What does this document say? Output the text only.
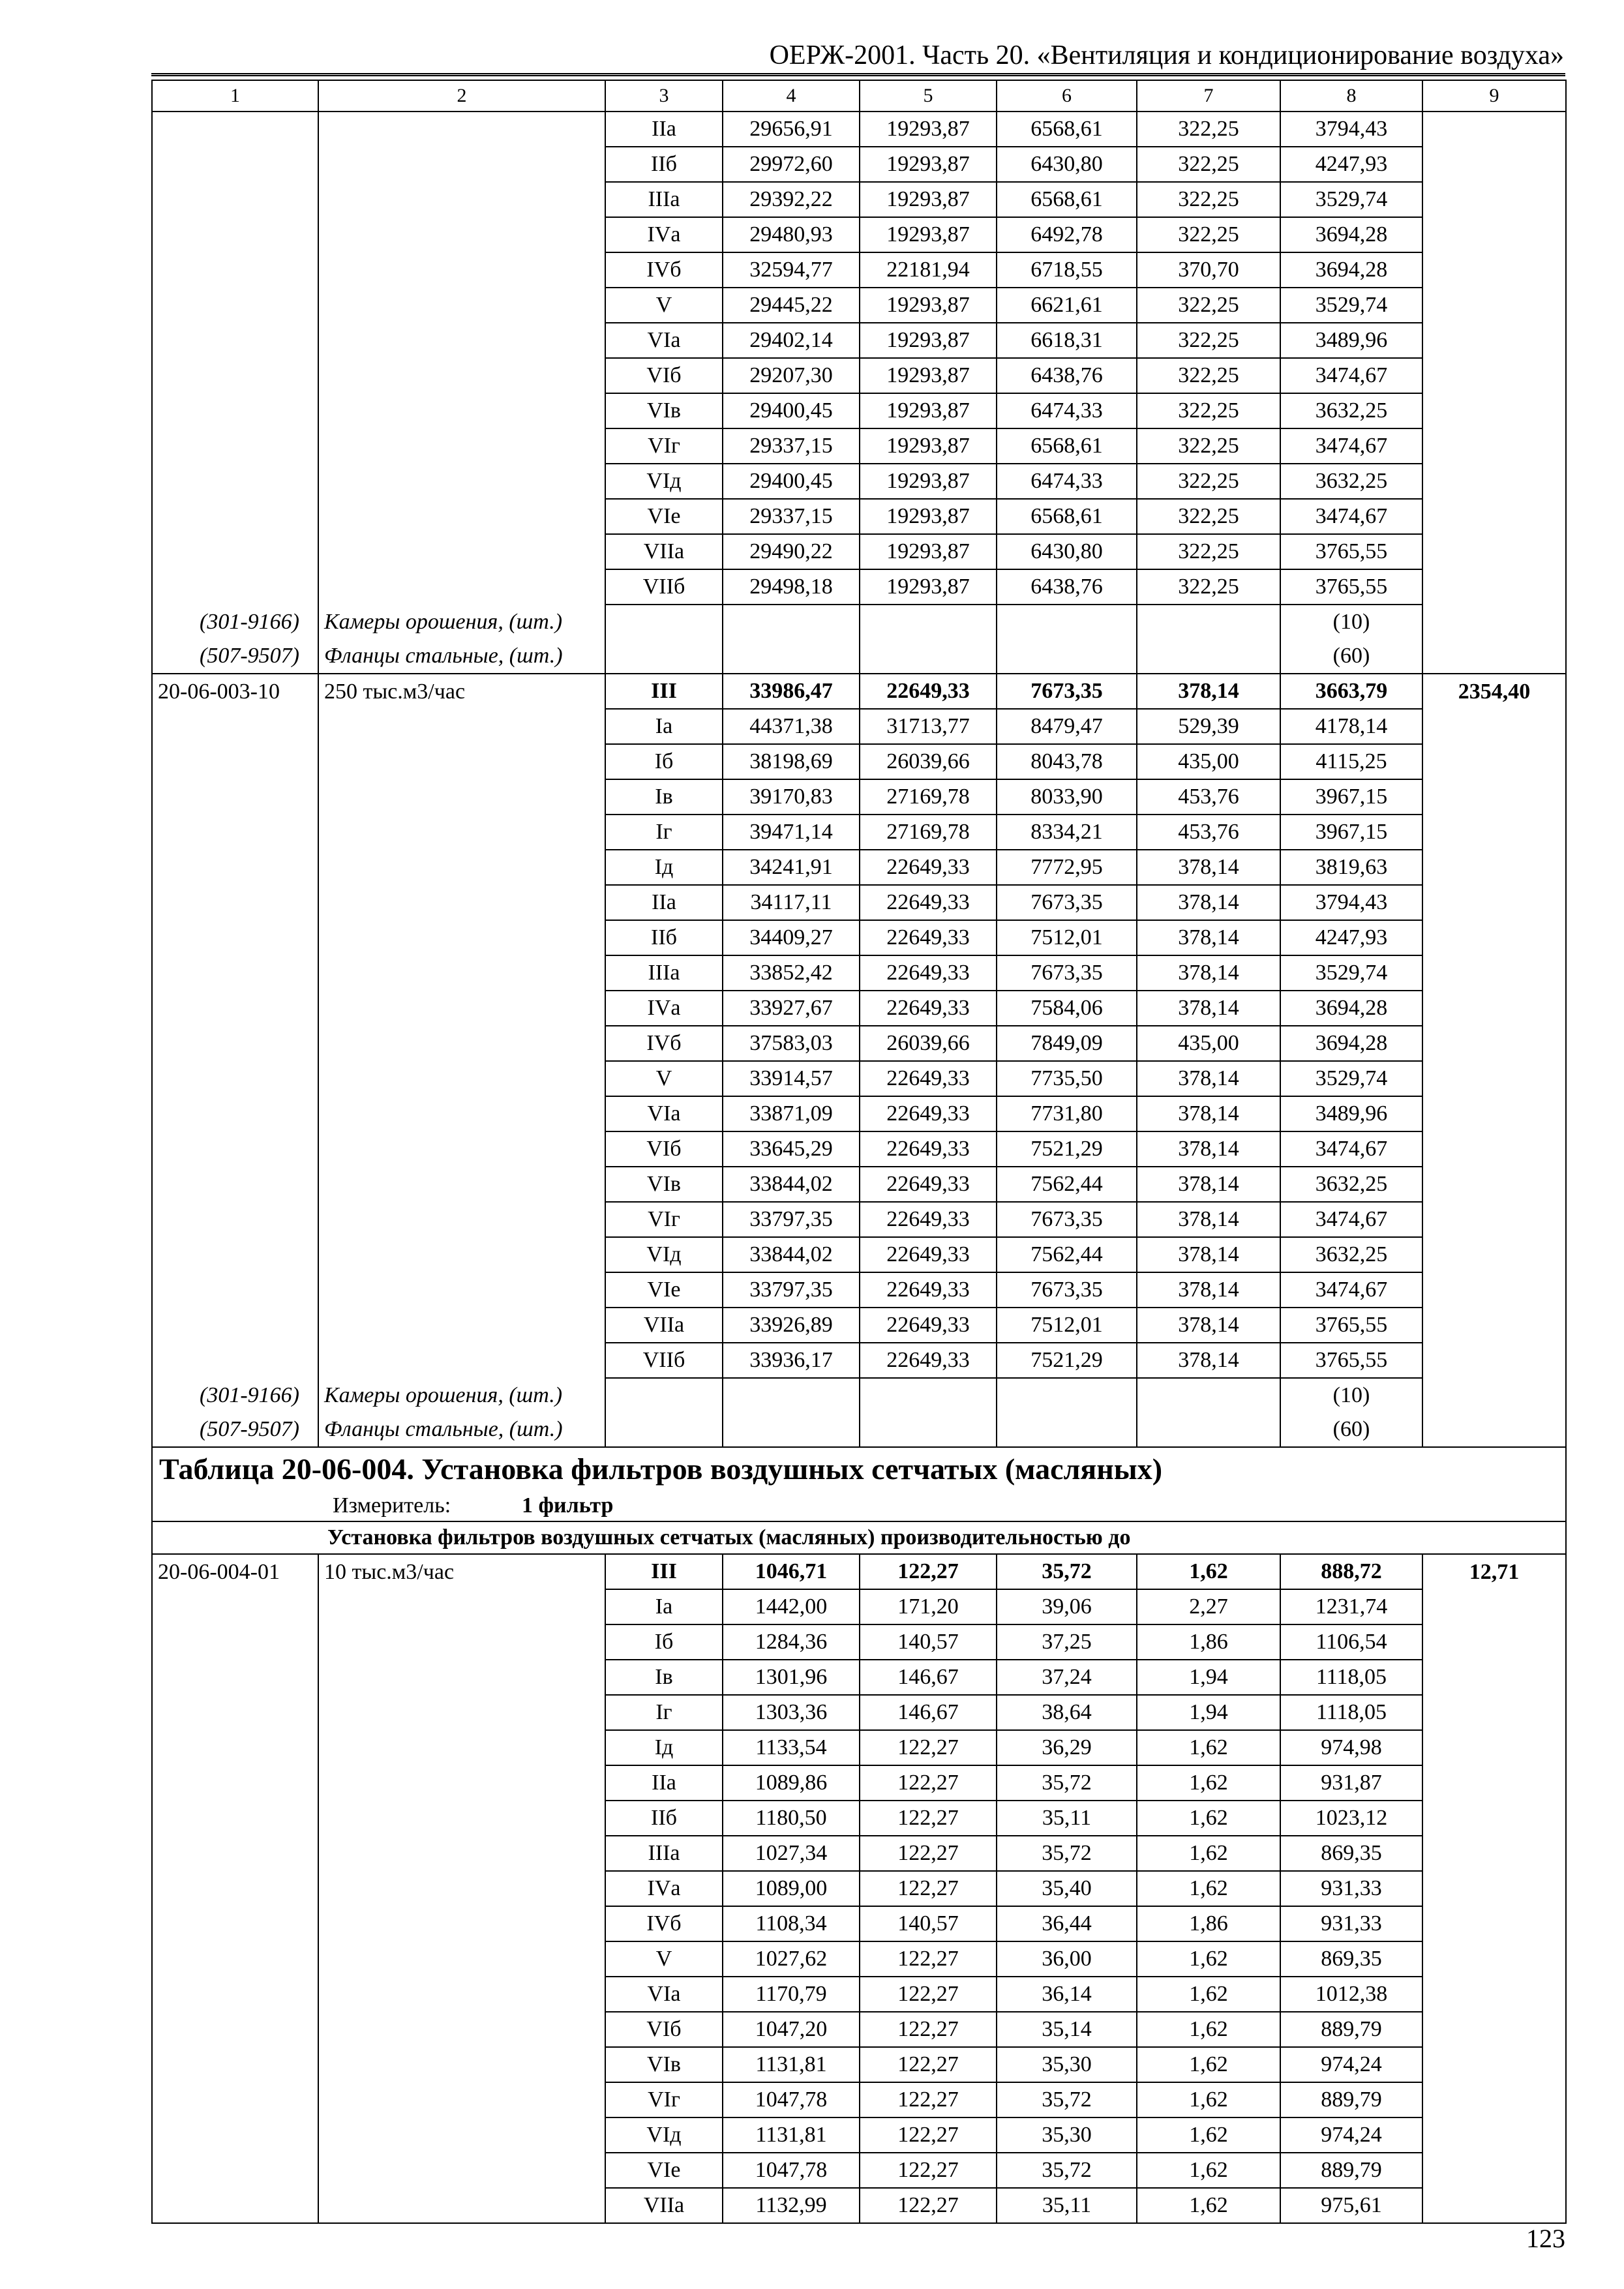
ОЕРЖ-2001. Часть 20. «Вентиляция и кондиционирование воздуха»
1	2	3	4	5	6	7	8	9
		IIа	29656,91	19293,87	6568,61	322,25	3794,43	
		IIб	29972,60	19293,87	6430,80	322,25	4247,93	
		IIIа	29392,22	19293,87	6568,61	322,25	3529,74	
		IVа	29480,93	19293,87	6492,78	322,25	3694,28	
		IVб	32594,77	22181,94	6718,55	370,70	3694,28	
		V	29445,22	19293,87	6621,61	322,25	3529,74	
		VIа	29402,14	19293,87	6618,31	322,25	3489,96	
		VIб	29207,30	19293,87	6438,76	322,25	3474,67	
		VIв	29400,45	19293,87	6474,33	322,25	3632,25	
		VIг	29337,15	19293,87	6568,61	322,25	3474,67	
		VIд	29400,45	19293,87	6474,33	322,25	3632,25	
		VIе	29337,15	19293,87	6568,61	322,25	3474,67	
		VIIа	29490,22	19293,87	6430,80	322,25	3765,55	
		VIIб	29498,18	19293,87	6438,76	322,25	3765,55	
(301-9166)	Камеры орошения, (шт.)						(10)	
(507-9507)	Фланцы стальные, (шт.)						(60)	
20-06-003-10	250 тыс.м3/час	III	33986,47	22649,33	7673,35	378,14	3663,79	2354,40
		Iа	44371,38	31713,77	8479,47	529,39	4178,14	
		Iб	38198,69	26039,66	8043,78	435,00	4115,25	
		Iв	39170,83	27169,78	8033,90	453,76	3967,15	
		Iг	39471,14	27169,78	8334,21	453,76	3967,15	
		Iд	34241,91	22649,33	7772,95	378,14	3819,63	
		IIа	34117,11	22649,33	7673,35	378,14	3794,43	
		IIб	34409,27	22649,33	7512,01	378,14	4247,93	
		IIIа	33852,42	22649,33	7673,35	378,14	3529,74	
		IVа	33927,67	22649,33	7584,06	378,14	3694,28	
		IVб	37583,03	26039,66	7849,09	435,00	3694,28	
		V	33914,57	22649,33	7735,50	378,14	3529,74	
		VIа	33871,09	22649,33	7731,80	378,14	3489,96	
		VIб	33645,29	22649,33	7521,29	378,14	3474,67	
		VIв	33844,02	22649,33	7562,44	378,14	3632,25	
		VIг	33797,35	22649,33	7673,35	378,14	3474,67	
		VIд	33844,02	22649,33	7562,44	378,14	3632,25	
		VIе	33797,35	22649,33	7673,35	378,14	3474,67	
		VIIа	33926,89	22649,33	7512,01	378,14	3765,55	
		VIIб	33936,17	22649,33	7521,29	378,14	3765,55	
(301-9166)	Камеры орошения, (шт.)						(10)	
(507-9507)	Фланцы стальные, (шт.)						(60)	
Таблица 20-06-004. Установка фильтров воздушных сетчатых (масляных)								
Измеритель: 1 фильтр								
Установка фильтров воздушных сетчатых (масляных) производительностью до								
20-06-004-01	10 тыс.м3/час	III	1046,71	122,27	35,72	1,62	888,72	12,71
		Iа	1442,00	171,20	39,06	2,27	1231,74	
		Iб	1284,36	140,57	37,25	1,86	1106,54	
		Iв	1301,96	146,67	37,24	1,94	1118,05	
		Iг	1303,36	146,67	38,64	1,94	1118,05	
		Iд	1133,54	122,27	36,29	1,62	974,98	
		IIа	1089,86	122,27	35,72	1,62	931,87	
		IIб	1180,50	122,27	35,11	1,62	1023,12	
		IIIа	1027,34	122,27	35,72	1,62	869,35	
		IVа	1089,00	122,27	35,40	1,62	931,33	
		IVб	1108,34	140,57	36,44	1,86	931,33	
		V	1027,62	122,27	36,00	1,62	869,35	
		VIа	1170,79	122,27	36,14	1,62	1012,38	
		VIб	1047,20	122,27	35,14	1,62	889,79	
		VIв	1131,81	122,27	35,30	1,62	974,24	
		VIг	1047,78	122,27	35,72	1,62	889,79	
		VIд	1131,81	122,27	35,30	1,62	974,24	
		VIе	1047,78	122,27	35,72	1,62	889,79	
		VIIа	1132,99	122,27	35,11	1,62	975,61	
123
